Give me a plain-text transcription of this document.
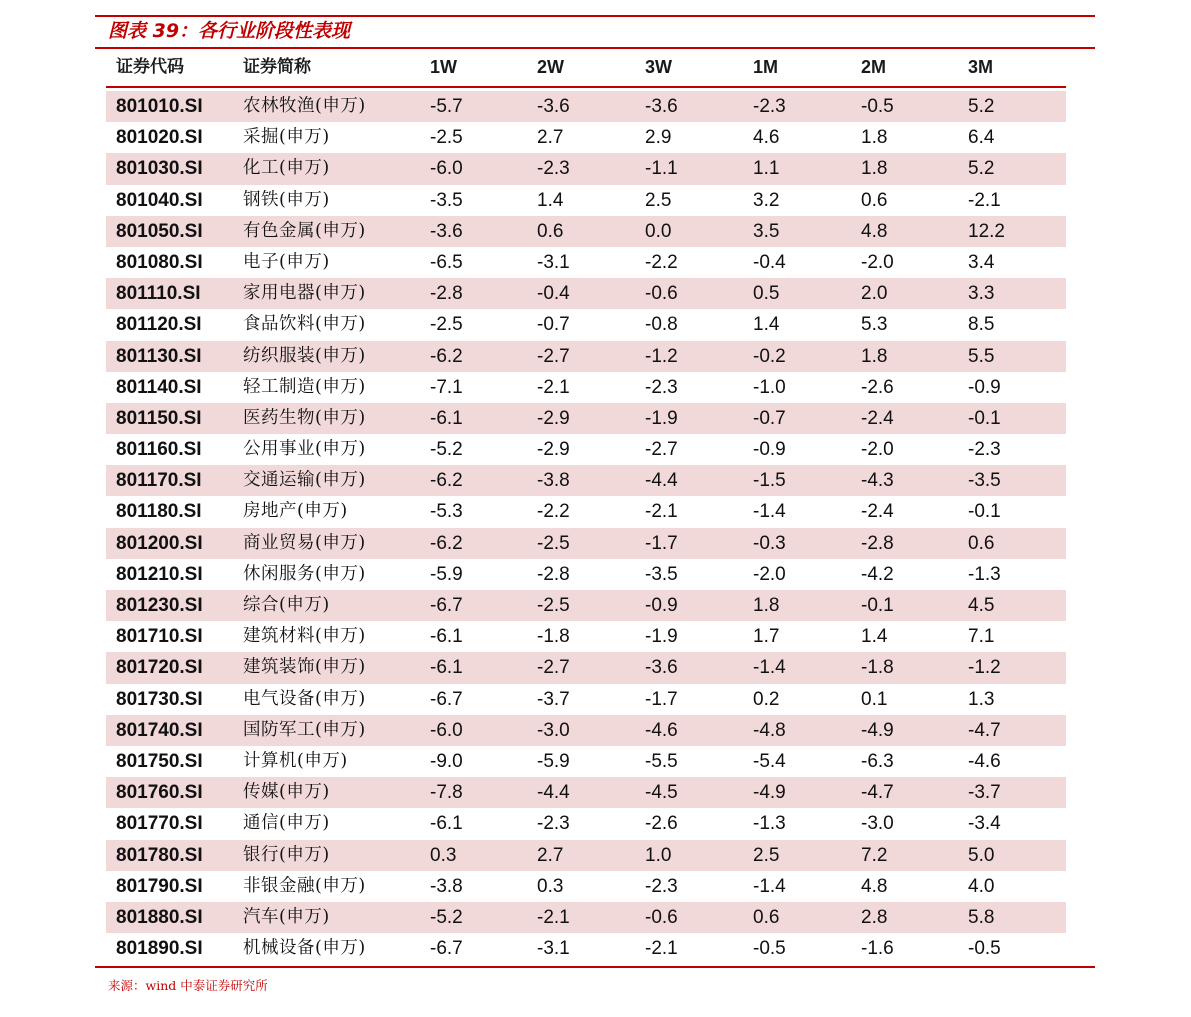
图表 39：各行业阶段性表现
证券代码	证券简称	1W	2W	3W	1M	2M	3M
801010.SI 农林牧渔(申万)	-5.7	-3.6	-3.6	-2.3	-0.5	5.2
801020.SI 采掘(申万)	-2.5	2.7	2.9	4.6	1.8	6.4
801030.SI 化工(申万)	-6.0	-2.3	-1.1	1.1	1.8	5.2
801040.SI 钢铁(申万)	-3.5	1.4	2.5	3.2	0.6	-2.1
801050.SI 有色金属(申万)	-3.6	0.6	0.0	3.5	4.8	12.2
801080.SI 电子(申万)	-6.5	-3.1	-2.2	-0.4	-2.0	3.4
801110.SI 家用电器(申万)	-2.8	-0.4	-0.6	0.5	2.0	3.3
801120.SI 食品饮料(申万)	-2.5	-0.7	-0.8	1.4	5.3	8.5
801130.SI 纺织服装(申万)	-6.2	-2.7	-1.2	-0.2	1.8	5.5
801140.SI 轻工制造(申万)	-7.1	-2.1	-2.3	-1.0	-2.6	-0.9
801150.SI 医药生物(申万)	-6.1	-2.9	-1.9	-0.7	-2.4	-0.1
801160.SI 公用事业(申万)	-5.2	-2.9	-2.7	-0.9	-2.0	-2.3
801170.SI 交通运输(申万)	-6.2	-3.8	-4.4	-1.5	-4.3	-3.5
801180.SI 房地产(申万)	-5.3	-2.2	-2.1	-1.4	-2.4	-0.1
801200.SI 商业贸易(申万)	-6.2	-2.5	-1.7	-0.3	-2.8	0.6
801210.SI 休闲服务(申万)	-5.9	-2.8	-3.5	-2.0	-4.2	-1.3
801230.SI 综合(申万)	-6.7	-2.5	-0.9	1.8	-0.1	4.5
801710.SI 建筑材料(申万)	-6.1	-1.8	-1.9	1.7	1.4	7.1
801720.SI 建筑装饰(申万)	-6.1	-2.7	-3.6	-1.4	-1.8	-1.2
801730.SI 电气设备(申万)	-6.7	-3.7	-1.7	0.2	0.1	1.3
801740.SI 国防军工(申万)	-6.0	-3.0	-4.6	-4.8	-4.9	-4.7
801750.SI 计算机(申万)	-9.0	-5.9	-5.5	-5.4	-6.3	-4.6
801760.SI 传媒(申万)	-7.8	-4.4	-4.5	-4.9	-4.7	-3.7
801770.SI 通信(申万)	-6.1	-2.3	-2.6	-1.3	-3.0	-3.4
801780.SI 银行(申万)	0.3	2.7	1.0	2.5	7.2	5.0
801790.SI 非银金融(申万)	-3.8	0.3	-2.3	-1.4	4.8	4.0
801880.SI 汽车(申万)	-5.2	-2.1	-0.6	0.6	2.8	5.8
801890.SI 机械设备(申万)	-6.7	-3.1	-2.1	-0.5	-1.6	-0.5
来源：wind 中泰证券研究所
